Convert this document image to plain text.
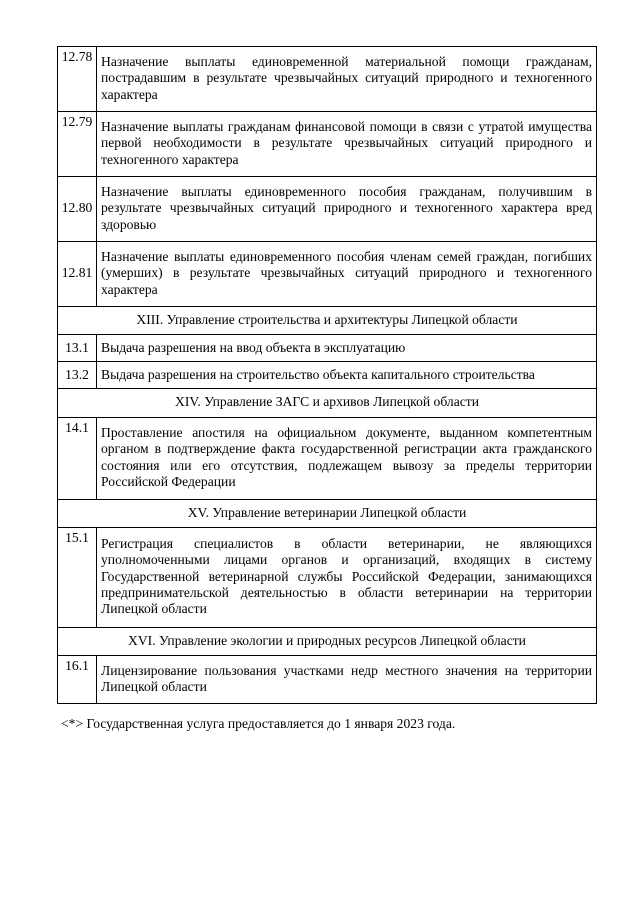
12.78	Назначение выплаты единовременной материальной помощи гражданам, пострадавшим в результате чрезвычайных ситуаций природного и техногенного характера

12.79	Назначение выплаты гражданам финансовой помощи в связи с утратой имущества первой необходимости в результате чрезвычайных ситуаций природного и техногенного характера

12.80	Назначение выплаты единовременного пособия гражданам, получившим в результате чрезвычайных ситуаций природного и техногенного характера вред здоровью

12.81	Назначение выплаты единовременного пособия членам семей граждан, погибших (умерших) в результате чрезвычайных ситуаций природного и техногенного характера

XIII. Управление строительства и архитектуры Липецкой области	
13.1	Выдача разрешения на ввод объекта в эксплуатацию

13.2	Выдача разрешения на строительство объекта капитального строительства

XIV. Управление ЗАГС и архивов Липецкой области	
14.1	Проставление апостиля на официальном документе, выданном компетентным органом в подтверждение факта государственной регистрации акта гражданского состояния или его отсутствия, подлежащем вывозу за пределы территории Российской Федерации

XV. Управление ветеринарии Липецкой области	
15.1	Регистрация специалистов в области ветеринарии, не являющихся уполномоченными лицами органов и организаций, входящих в систему Государственной ветеринарной службы Российской Федерации, занимающихся предпринимательской деятельностью в области ветеринарии на территории Липецкой области

XVI. Управление экологии и природных ресурсов Липецкой области	
16.1	Лицензирование пользования участками недр местного значения на территории Липецкой области
<*> Государственная услуга предоставляется до 1 января 2023 года.
